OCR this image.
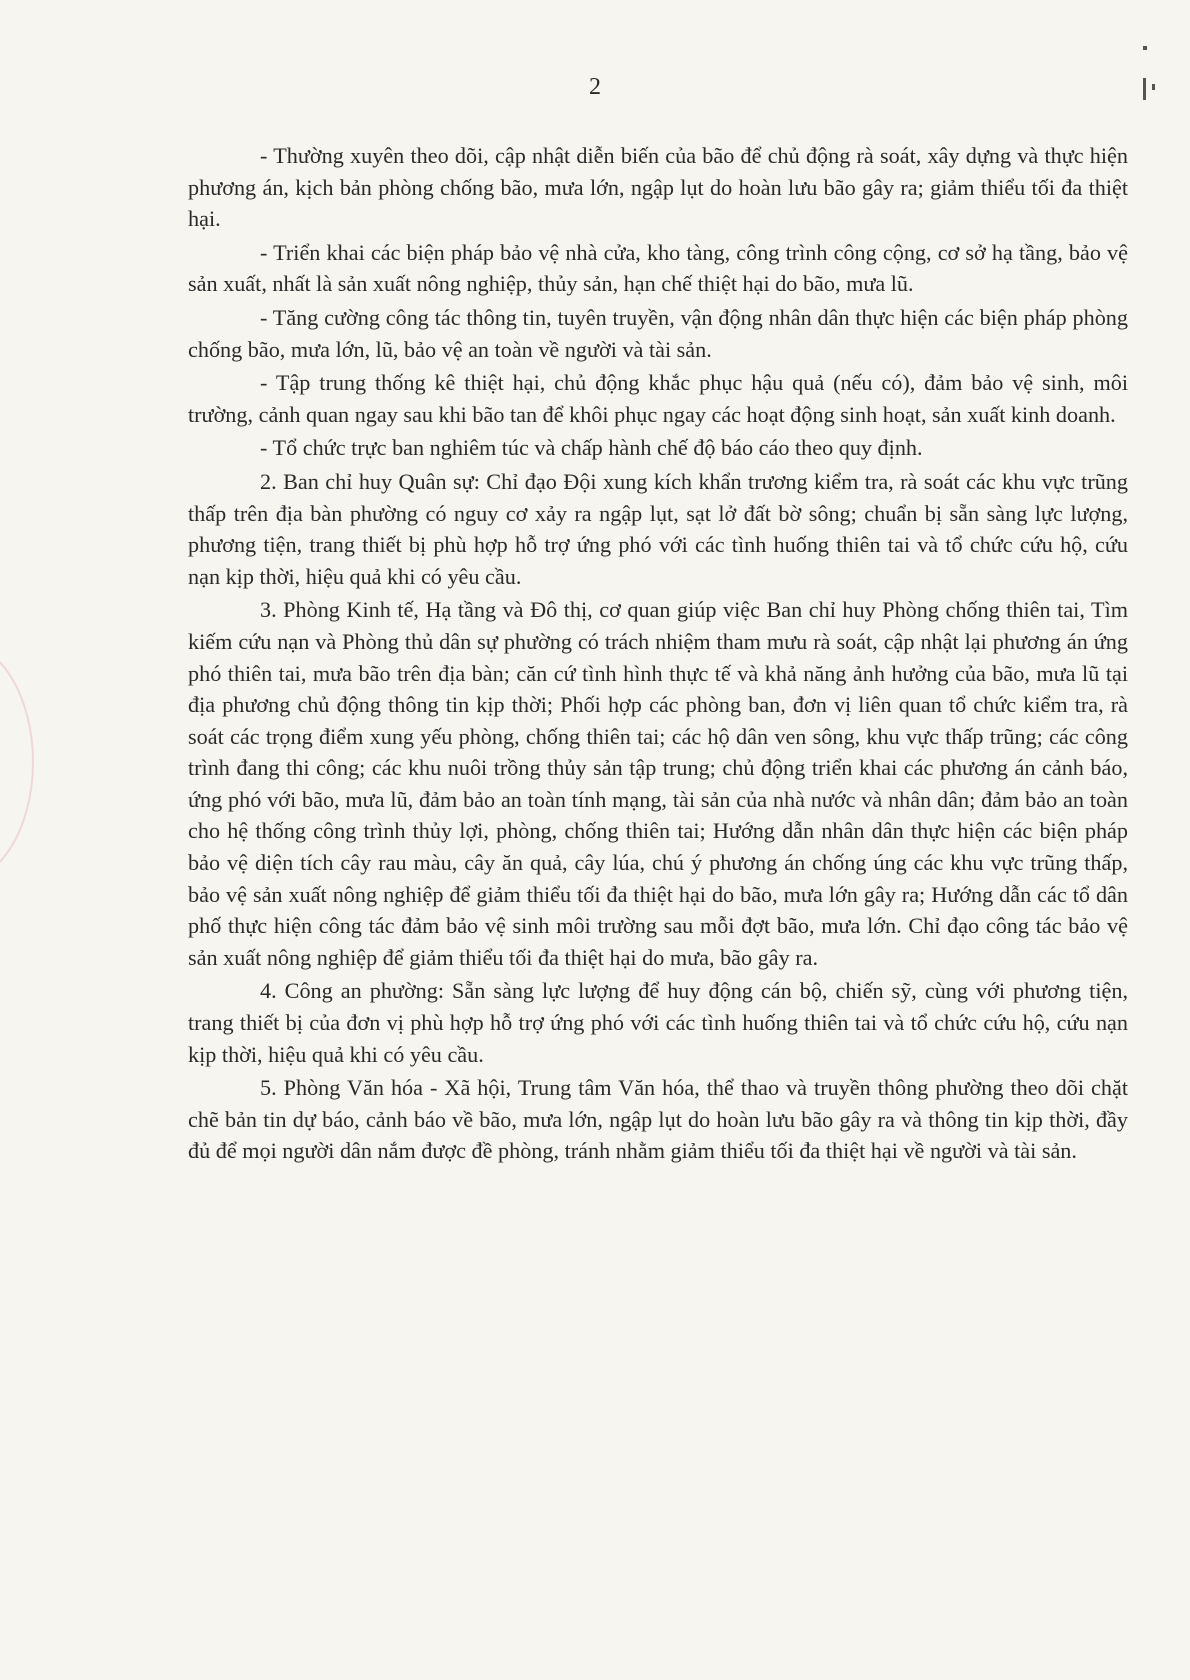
2

- Thường xuyên theo dõi, cập nhật diễn biến của bão để chủ động rà soát, xây dựng và thực hiện phương án, kịch bản phòng chống bão, mưa lớn, ngập lụt do hoàn lưu bão gây ra; giảm thiểu tối đa thiệt hại.

- Triển khai các biện pháp bảo vệ nhà cửa, kho tàng, công trình công cộng, cơ sở hạ tầng, bảo vệ sản xuất, nhất là sản xuất nông nghiệp, thủy sản, hạn chế thiệt hại do bão, mưa lũ.

- Tăng cường công tác thông tin, tuyên truyền, vận động nhân dân thực hiện các biện pháp phòng chống bão, mưa lớn, lũ, bảo vệ an toàn về người và tài sản.

- Tập trung thống kê thiệt hại, chủ động khắc phục hậu quả (nếu có), đảm bảo vệ sinh, môi trường, cảnh quan ngay sau khi bão tan để khôi phục ngay các hoạt động sinh hoạt, sản xuất kinh doanh.

- Tổ chức trực ban nghiêm túc và chấp hành chế độ báo cáo theo quy định.

2. Ban chỉ huy Quân sự: Chỉ đạo Đội xung kích khẩn trương kiểm tra, rà soát các khu vực trũng thấp trên địa bàn phường có nguy cơ xảy ra ngập lụt, sạt lở đất bờ sông; chuẩn bị sẵn sàng lực lượng, phương tiện, trang thiết bị phù hợp hỗ trợ ứng phó với các tình huống thiên tai và tổ chức cứu hộ, cứu nạn kịp thời, hiệu quả khi có yêu cầu.

3. Phòng Kinh tế, Hạ tầng và Đô thị, cơ quan giúp việc Ban chỉ huy Phòng chống thiên tai, Tìm kiếm cứu nạn và Phòng thủ dân sự phường có trách nhiệm tham mưu rà soát, cập nhật lại phương án ứng phó thiên tai, mưa bão trên địa bàn; căn cứ tình hình thực tế và khả năng ảnh hưởng của bão, mưa lũ tại địa phương chủ động thông tin kịp thời; Phối hợp các phòng ban, đơn vị liên quan tổ chức kiểm tra, rà soát các trọng điểm xung yếu phòng, chống thiên tai; các hộ dân ven sông, khu vực thấp trũng; các công trình đang thi công; các khu nuôi trồng thủy sản tập trung; chủ động triển khai các phương án cảnh báo, ứng phó với bão, mưa lũ, đảm bảo an toàn tính mạng, tài sản của nhà nước và nhân dân; đảm bảo an toàn cho hệ thống công trình thủy lợi, phòng, chống thiên tai; Hướng dẫn nhân dân thực hiện các biện pháp bảo vệ diện tích cây rau màu, cây ăn quả, cây lúa, chú ý phương án chống úng các khu vực trũng thấp, bảo vệ sản xuất nông nghiệp để giảm thiểu tối đa thiệt hại do bão, mưa lớn gây ra; Hướng dẫn các tổ dân phố thực hiện công tác đảm bảo vệ sinh môi trường sau mỗi đợt bão, mưa lớn. Chỉ đạo công tác bảo vệ sản xuất nông nghiệp để giảm thiểu tối đa thiệt hại do mưa, bão gây ra.

4. Công an phường: Sẵn sàng lực lượng để huy động cán bộ, chiến sỹ, cùng với phương tiện, trang thiết bị của đơn vị phù hợp hỗ trợ ứng phó với các tình huống thiên tai và tổ chức cứu hộ, cứu nạn kịp thời, hiệu quả khi có yêu cầu.

5. Phòng Văn hóa - Xã hội, Trung tâm Văn hóa, thể thao và truyền thông phường theo dõi chặt chẽ bản tin dự báo, cảnh báo về bão, mưa lớn, ngập lụt do hoàn lưu bão gây ra và thông tin kịp thời, đầy đủ để mọi người dân nắm được đề phòng, tránh nhằm giảm thiểu tối đa thiệt hại về người và tài sản.
